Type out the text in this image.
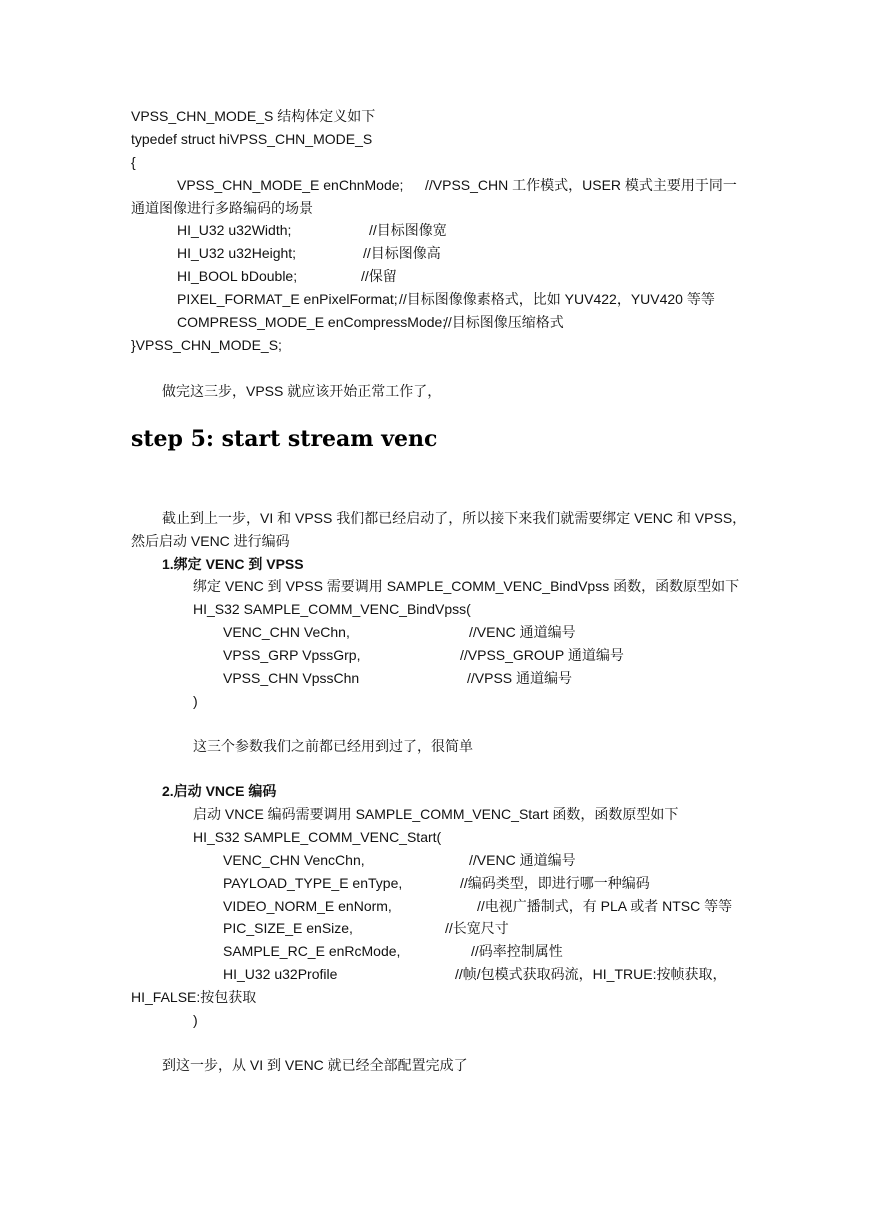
VPSS_CHN_MODE_S 结构体定义如下
typedef struct hiVPSS_CHN_MODE_S
{
VPSS_CHN_MODE_E enChnMode; //VPSS_CHN 工作模式，USER 模式主要用于同一
通道图像进行多路编码的场景
HI_U32 u32Width;	//目标图像宽
HI_U32 u32Height;	//目标图像高
HI_BOOL bDouble;	//保留
PIXEL_FORMAT_E enPixelFormat; //目标图像像素格式，比如 YUV422，YUV420 等等
COMPRESS_MODE_E enCompressMode;
//目标图像压缩格式
}VPSS_CHN_MODE_S;
做完这三步，VPSS 就应该开始正常工作了，
step 5: start stream venc
截止到上一步，VI 和 VPSS 我们都已经启动了，所以接下来我们就需要绑定 VENC 和 VPSS，
然后启动 VENC 进行编码
1.绑定 VENC 到 VPSS
绑定 VENC 到 VPSS 需要调用 SAMPLE_COMM_VENC_BindVpss 函数，函数原型如下
HI_S32 SAMPLE_COMM_VENC_BindVpss(
VENC_CHN VeChn,	//VENC 通道编号
VPSS_GRP VpssGrp,	//VPSS_GROUP 通道编号
VPSS_CHN VpssChn	//VPSS 通道编号
)
这三个参数我们之前都已经用到过了，很简单
2.启动 VNCE 编码
启动 VNCE 编码需要调用 SAMPLE_COMM_VENC_Start 函数，函数原型如下
HI_S32 SAMPLE_COMM_VENC_Start(
VENC_CHN VencChn,	//VENC 通道编号
PAYLOAD_TYPE_E enType,	//编码类型，即进行哪一种编码
VIDEO_NORM_E enNorm,	//电视广播制式，有 PLA 或者 NTSC 等等
PIC_SIZE_E enSize,	//长宽尺寸
SAMPLE_RC_E enRcMode,	//码率控制属性
HI_U32 u32Profile	//帧/包模式获取码流，HI_TRUE:按帧获取，
HI_FALSE:按包获取
)
到这一步，从 VI 到 VENC 就已经全部配置完成了
